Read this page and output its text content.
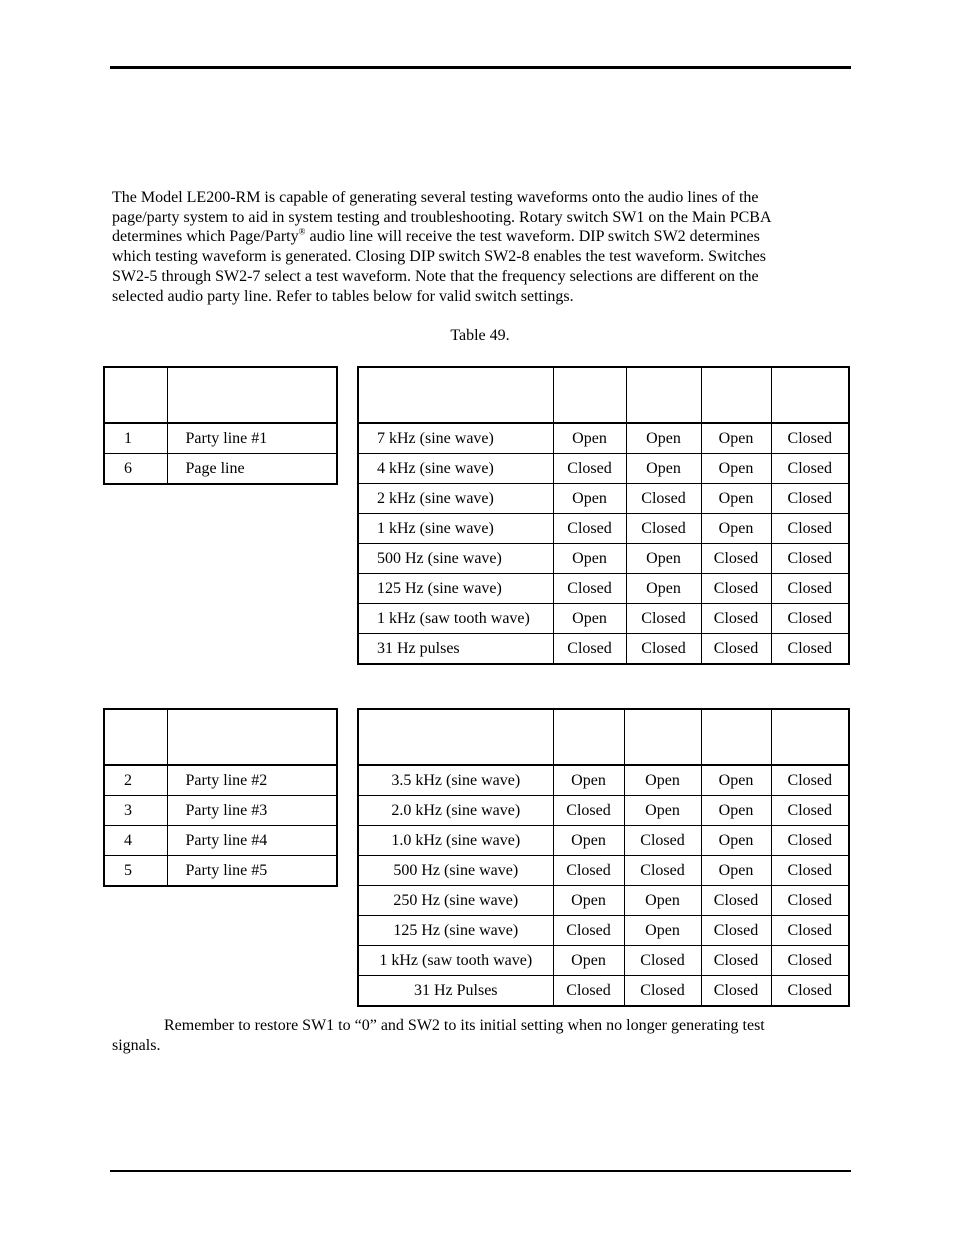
The Model LE200-RM is capable of generating several testing waveforms onto the audio lines of the
page/party system to aid in system testing and troubleshooting. Rotary switch SW1 on the Main PCBA
determines which Page/Party® audio line will receive the test waveform. DIP switch SW2 determines
which testing waveform is generated. Closing DIP switch SW2-8 enables the test waveform. Switches
SW2-5 through SW2-7 select a test waveform. Note that the frequency selections are different on the
selected audio party line. Refer to tables below for valid switch settings.
Table 49.

1	Party line #1
6	Page line

7 kHz (sine wave)	Open	Open	Open	Closed
4 kHz (sine wave)	Closed	Open	Open	Closed
2 kHz (sine wave)	Open	Closed	Open	Closed
1 kHz (sine wave)	Closed	Closed	Open	Closed
500 Hz (sine wave)	Open	Open	Closed	Closed
125 Hz (sine wave)	Closed	Open	Closed	Closed
1 kHz (saw tooth wave)	Open	Closed	Closed	Closed
31 Hz pulses	Closed	Closed	Closed	Closed

2	Party line #2
3	Party line #3
4	Party line #4
5	Party line #5

3.5 kHz (sine wave)	Open	Open	Open	Closed
2.0 kHz (sine wave)	Closed	Open	Open	Closed
1.0 kHz (sine wave)	Open	Closed	Open	Closed
500 Hz (sine wave)	Closed	Closed	Open	Closed
250 Hz (sine wave)	Open	Open	Closed	Closed
125 Hz (sine wave)	Closed	Open	Closed	Closed
1 kHz (saw tooth wave)	Open	Closed	Closed	Closed
31 Hz Pulses	Closed	Closed	Closed	Closed
Remember to restore SW1 to “0” and SW2 to its initial setting when no longer generating test
signals.
